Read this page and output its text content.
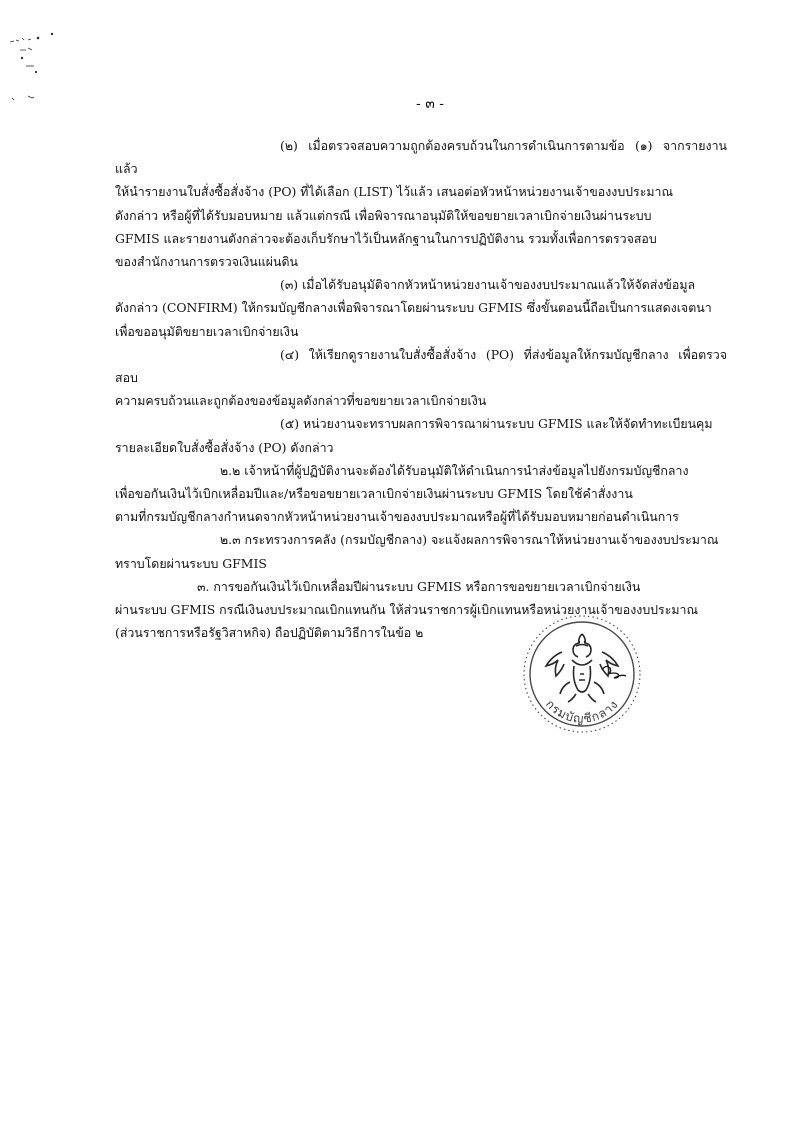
- ๓ -

(๒) เมื่อตรวจสอบความถูกต้องครบถ้วนในการดำเนินการตามข้อ (๑) จากรายงานแล้ว
ให้นำรายงานใบสั่งซื้อสั่งจ้าง (PO) ที่ได้เลือก (LIST) ไว้แล้ว เสนอต่อหัวหน้าหน่วยงานเจ้าของงบประมาณ
ดังกล่าว หรือผู้ที่ได้รับมอบหมาย แล้วแต่กรณี เพื่อพิจารณาอนุมัติให้ขอขยายเวลาเบิกจ่ายเงินผ่านระบบ
GFMIS และรายงานดังกล่าวจะต้องเก็บรักษาไว้เป็นหลักฐานในการปฏิบัติงาน รวมทั้งเพื่อการตรวจสอบ
ของสำนักงานการตรวจเงินแผ่นดิน

(๓) เมื่อได้รับอนุมัติจากหัวหน้าหน่วยงานเจ้าของงบประมาณแล้วให้จัดส่งข้อมูล
ดังกล่าว (CONFIRM) ให้กรมบัญชีกลางเพื่อพิจารณาโดยผ่านระบบ GFMIS ซึ่งขั้นตอนนี้ถือเป็นการแสดงเจตนา
เพื่อขออนุมัติขยายเวลาเบิกจ่ายเงิน

(๔) ให้เรียกดูรายงานใบสั่งซื้อสั่งจ้าง (PO) ที่ส่งข้อมูลให้กรมบัญชีกลาง เพื่อตรวจสอบ
ความครบถ้วนและถูกต้องของข้อมูลดังกล่าวที่ขอขยายเวลาเบิกจ่ายเงิน

(๕) หน่วยงานจะทราบผลการพิจารณาผ่านระบบ GFMIS และให้จัดทำทะเบียนคุม
รายละเอียดใบสั่งซื้อสั่งจ้าง (PO) ดังกล่าว

๒.๒ เจ้าหน้าที่ผู้ปฏิบัติงานจะต้องได้รับอนุมัติให้ดำเนินการนำส่งข้อมูลไปยังกรมบัญชีกลาง
เพื่อขอกันเงินไว้เบิกเหลื่อมปีและ/หรือขอขยายเวลาเบิกจ่ายเงินผ่านระบบ GFMIS โดยใช้คำสั่งงาน
ตามที่กรมบัญชีกลางกำหนดจากหัวหน้าหน่วยงานเจ้าของงบประมาณหรือผู้ที่ได้รับมอบหมายก่อนดำเนินการ

๒.๓ กระทรวงการคลัง (กรมบัญชีกลาง) จะแจ้งผลการพิจารณาให้หน่วยงานเจ้าของงบประมาณ
ทราบโดยผ่านระบบ GFMIS

๓. การขอกันเงินไว้เบิกเหลื่อมปีผ่านระบบ GFMIS หรือการขอขยายเวลาเบิกจ่ายเงิน
ผ่านระบบ GFMIS กรณีเงินงบประมาณเบิกแทนกัน ให้ส่วนราชการผู้เบิกแทนหรือหน่วยงานเจ้าของงบประมาณ
(ส่วนราชการหรือรัฐวิสาหกิจ) ถือปฏิบัติตามวิธีการในข้อ ๒

กรมบัญชีกลาง
